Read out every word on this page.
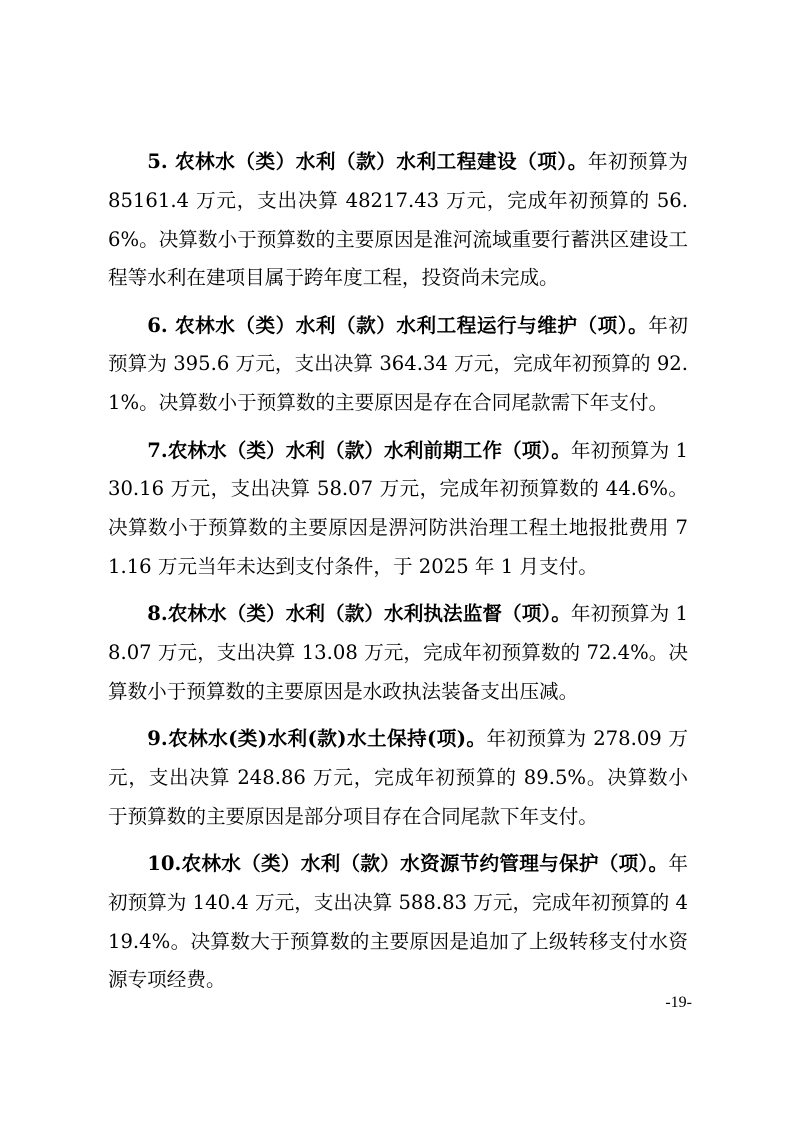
5. 农林水（类）水利（款）水利工程建设（项）。年初预算为 85161.4 万元，支出决算 48217.43 万元，完成年初预算的 56.6%。决算数小于预算数的主要原因是淮河流域重要行蓄洪区建设工程等水利在建项目属于跨年度工程，投资尚未完成。

6. 农林水（类）水利（款）水利工程运行与维护（项）。年初预算为 395.6 万元，支出决算 364.34 万元，完成年初预算的 92.1%。决算数小于预算数的主要原因是存在合同尾款需下年支付。

7.农林水（类）水利（款）水利前期工作（项）。年初预算为 130.16 万元，支出决算 58.07 万元，完成年初预算数的 44.6%。决算数小于预算数的主要原因是淠河防洪治理工程土地报批费用 71.16 万元当年未达到支付条件，于 2025 年 1 月支付。

8.农林水（类）水利（款）水利执法监督（项）。年初预算为 18.07 万元，支出决算 13.08 万元，完成年初预算数的 72.4%。决算数小于预算数的主要原因是水政执法装备支出压减。

9.农林水(类)水利(款)水土保持(项)。年初预算为 278.09 万元，支出决算 248.86 万元，完成年初预算的 89.5%。决算数小于预算数的主要原因是部分项目存在合同尾款下年支付。

10.农林水（类）水利（款）水资源节约管理与保护（项）。年初预算为 140.4 万元，支出决算 588.83 万元，完成年初预算的 419.4%。决算数大于预算数的主要原因是追加了上级转移支付水资源专项经费。

-19-
